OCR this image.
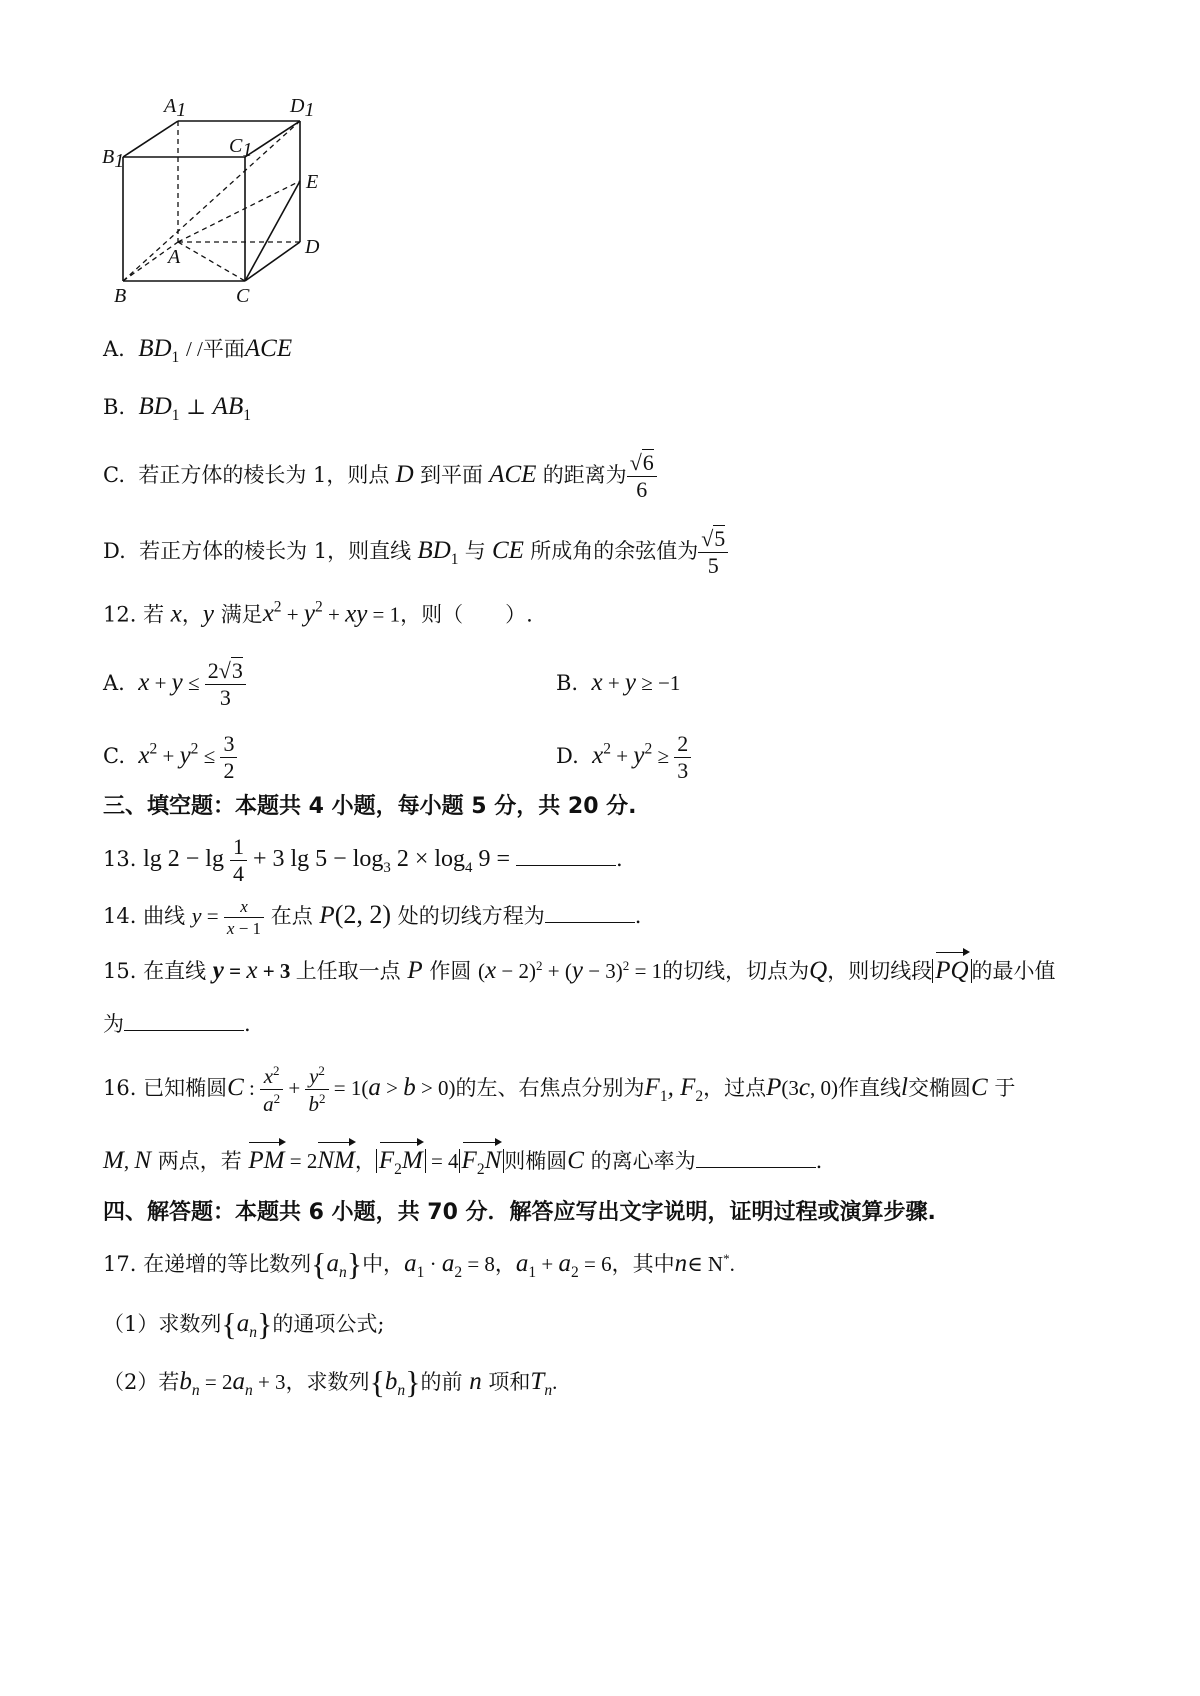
A1	D1
B1
C1
E
D
A
B	C
A. $BD_1$ / /平面ACE
B. $BD_1$ ⊥ $AB_1$
C. 若正方体的棱长为 1，则点 D 到平面 ACE 的距离为 $\frac{√6}{6}$
D. 若正方体的棱长为 1，则直线 $BD_1$ 与 CE 所成角的余弦值为 $\frac{√5}{5}$
12. 若 x，y 满足$x^2 + y^2$ + xy = 1，则（　　）.
A. $x + y \le \frac{2√3}{3}$	B. x + y ≥ −1
C. $x^2 + y^2 \le \frac{3}{2}$	D. $x^2 + y^2 \ge \frac{2}{3}$
三、填空题：本题共 4 小题，每小题 5 分，共 20 分.
13. $\lg 2 - \lg \frac{1}{4} + 3$ $\lg 5 - \log_3 2 \times \log_4 9$ =	.
14. 曲线 $y = \frac{x}{x - 1}$ 在点 P(2, 2) 处的切线方程为	.
15. 在直线 y = x + 3 上任取一点 P 作圆 $(x - 2)^2 + (y - 3)^2 = 1$的切线，切点为Q，则切线段 PQ 的最小值
为	.
16. 已知椭圆C : $\frac{x^2}{a^2} + \frac{y^2}{b^2} = 1(a > b > 0)$的左、右焦点分别为$F_1$, $F_2$，过点P(3c, 0)作直线l交椭圆C 于
M, N 两点，若 PM = 2NM， $F_2M = 4$ $F_2N$ 则椭圆C 的离心率为	.
四、解答题：本题共 6 小题，共 70 分．解答应写出文字说明，证明过程或演算步骤.
17. 在递增的等比数列$\{a_n\}$中，$a_1 \cdot a_2 = 8$，$a_1 + a_2 = 6$，其中n∈ N*.
（1）求数列$\{a_n\}$的通项公式;
（2）若$b_n = 2a_n + 3$，求数列$\{b_n\}$的前 n 项和$T_n$.
